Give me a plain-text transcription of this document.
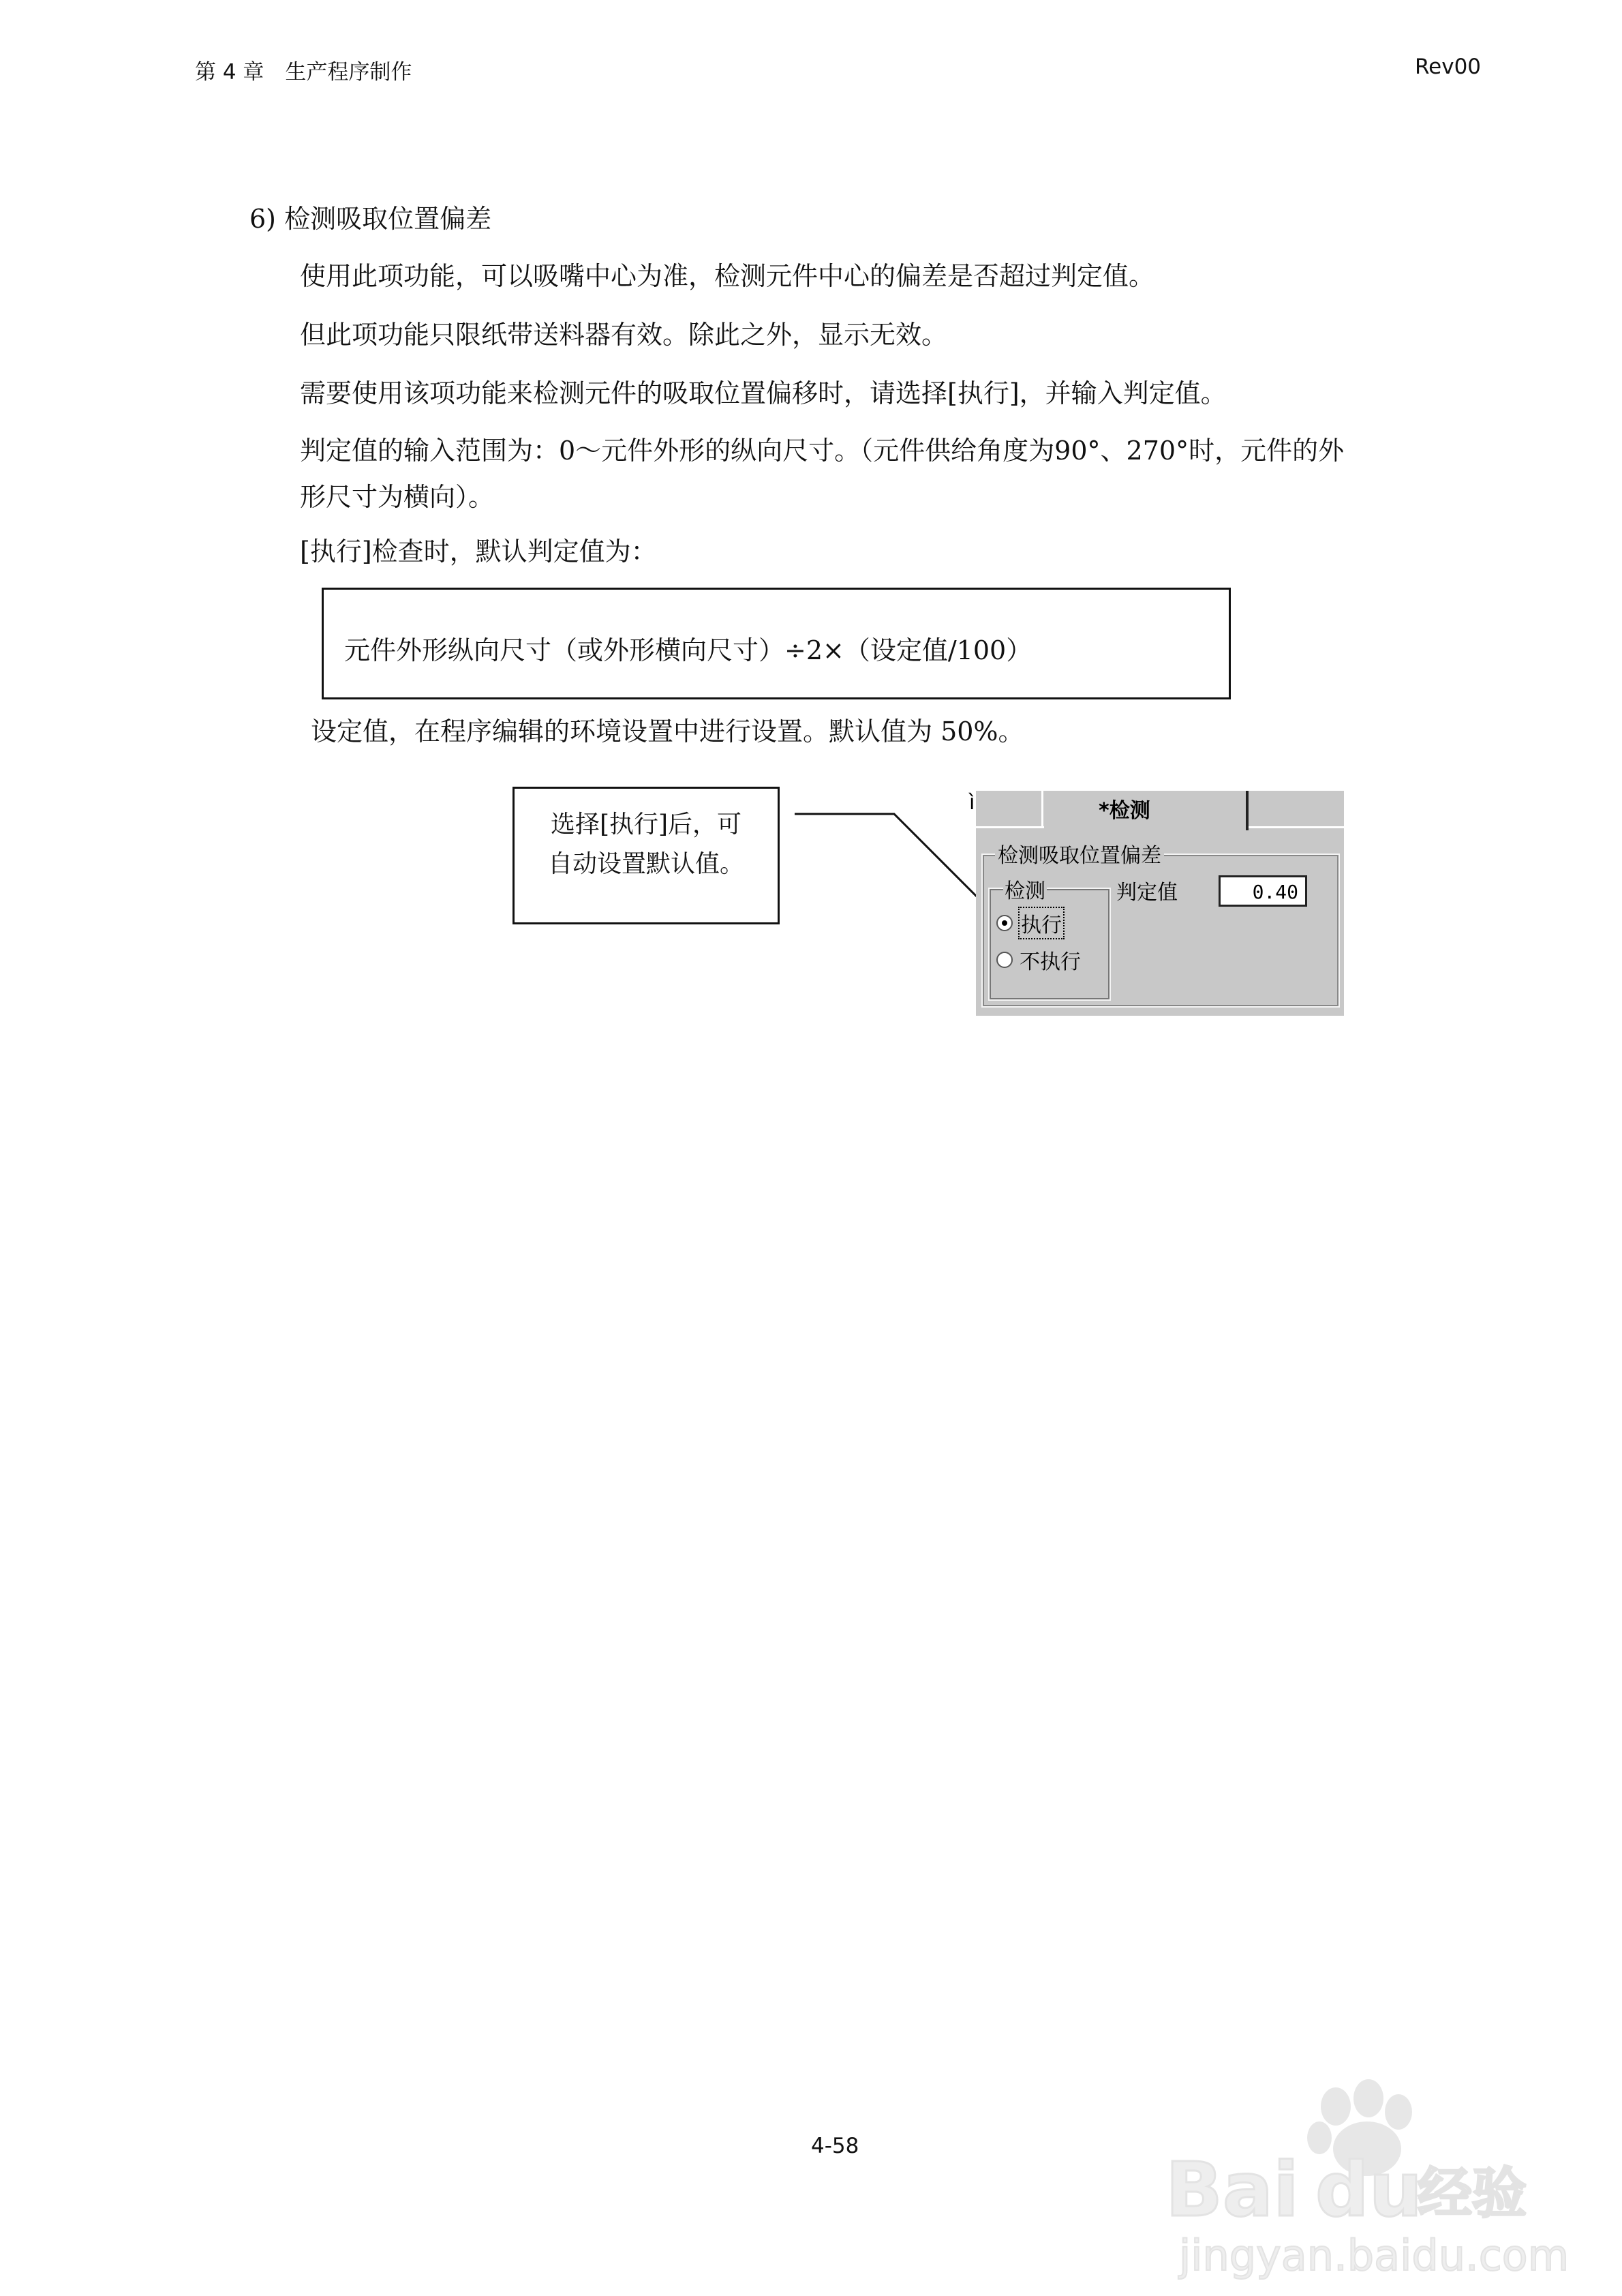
第 4 章　生产程序制作	Rev00
6) 检测吸取位置偏差
使用此项功能，可以吸嘴中心为准，检测元件中心的偏差是否超过判定值。
但此项功能只限纸带送料器有效。除此之外，显示无效。
需要使用该项功能来检测元件的吸取位置偏移时，请选择[执行]，并输入判定值。
判定值的输入范围为：0～元件外形的纵向尺寸。（元件供给角度为90°、270°时，元件的外
形尺寸为横向）。
[执行]检查时，默认判定值为：
元件外形纵向尺寸（或外形横向尺寸）÷2×（设定值/100）
设定值，在程序编辑的环境设置中进行设置。默认值为 50%。
选择[执行]后，可
自动设置默认值。
ì	*检测
检测吸取位置偏差
检测
执行
不执行
判定值	0.40
4-58	Bai du
经验
jingyan.baidu.com
